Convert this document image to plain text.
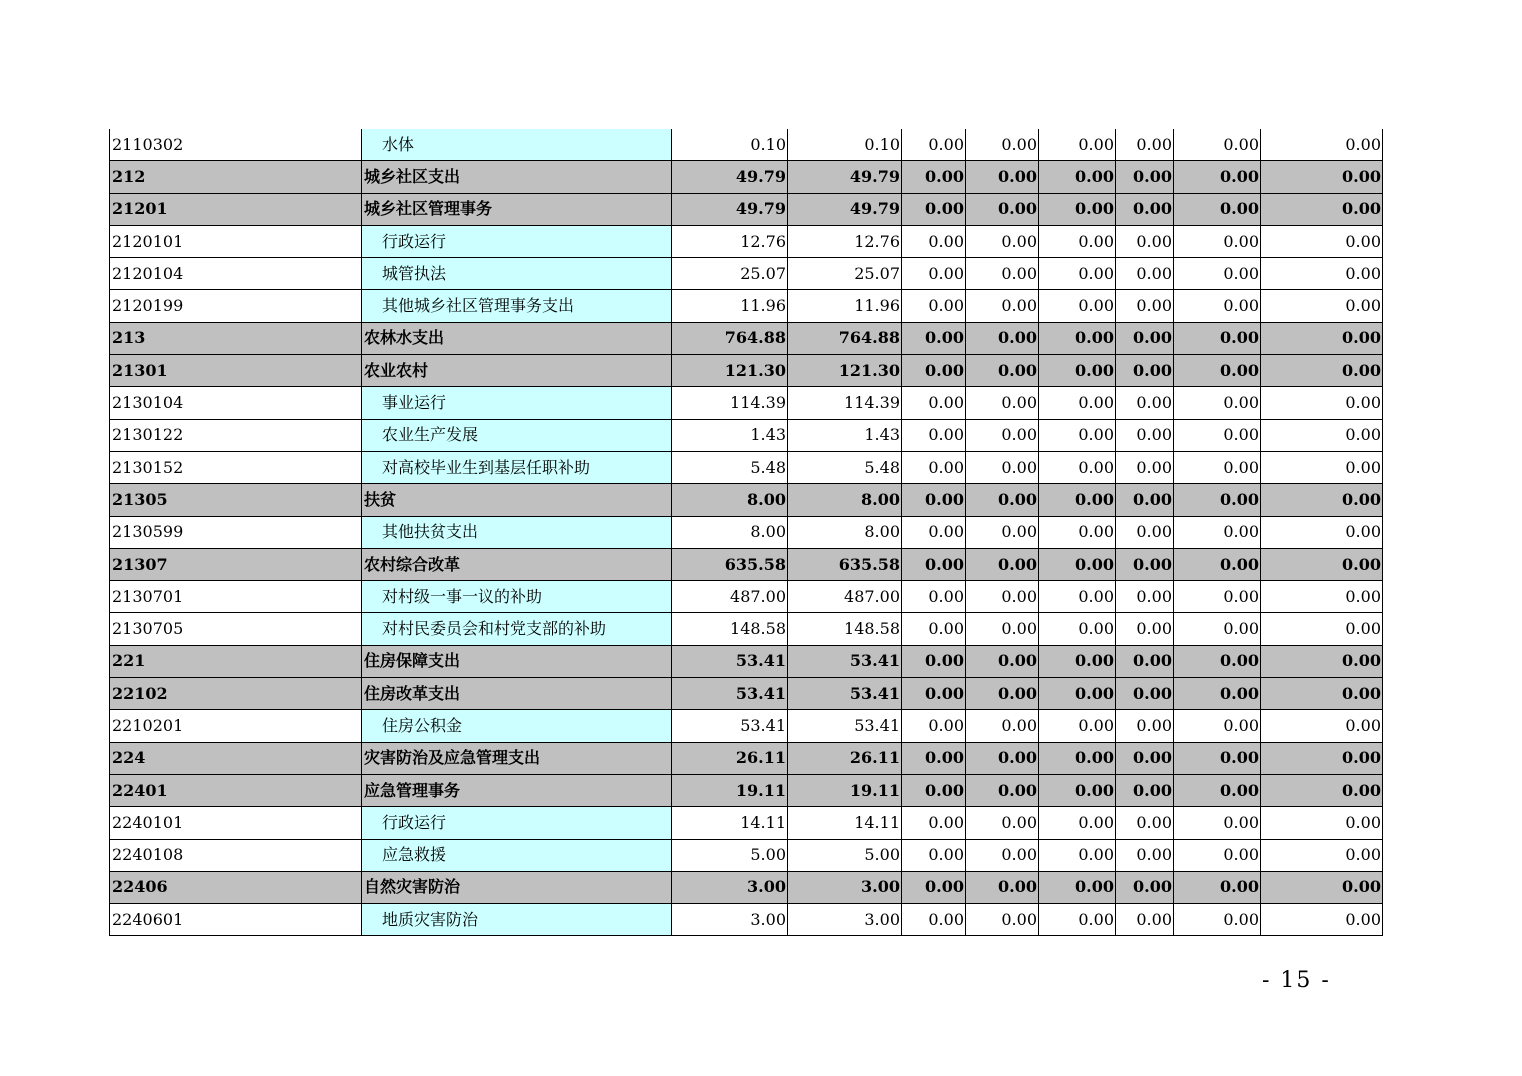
2110302	水体	0.10	0.10	0.00	0.00	0.00	0.00	0.00	0.00
212	城乡社区支出	49.79	49.79	0.00	0.00	0.00	0.00	0.00	0.00
21201	城乡社区管理事务	49.79	49.79	0.00	0.00	0.00	0.00	0.00	0.00
2120101	行政运行	12.76	12.76	0.00	0.00	0.00	0.00	0.00	0.00
2120104	城管执法	25.07	25.07	0.00	0.00	0.00	0.00	0.00	0.00
2120199	其他城乡社区管理事务支出	11.96	11.96	0.00	0.00	0.00	0.00	0.00	0.00
213	农林水支出	764.88	764.88	0.00	0.00	0.00	0.00	0.00	0.00
21301	农业农村	121.30	121.30	0.00	0.00	0.00	0.00	0.00	0.00
2130104	事业运行	114.39	114.39	0.00	0.00	0.00	0.00	0.00	0.00
2130122	农业生产发展	1.43	1.43	0.00	0.00	0.00	0.00	0.00	0.00
2130152	对高校毕业生到基层任职补助	5.48	5.48	0.00	0.00	0.00	0.00	0.00	0.00
21305	扶贫	8.00	8.00	0.00	0.00	0.00	0.00	0.00	0.00
2130599	其他扶贫支出	8.00	8.00	0.00	0.00	0.00	0.00	0.00	0.00
21307	农村综合改革	635.58	635.58	0.00	0.00	0.00	0.00	0.00	0.00
2130701	对村级一事一议的补助	487.00	487.00	0.00	0.00	0.00	0.00	0.00	0.00
2130705	对村民委员会和村党支部的补助	148.58	148.58	0.00	0.00	0.00	0.00	0.00	0.00
221	住房保障支出	53.41	53.41	0.00	0.00	0.00	0.00	0.00	0.00
22102	住房改革支出	53.41	53.41	0.00	0.00	0.00	0.00	0.00	0.00
2210201	住房公积金	53.41	53.41	0.00	0.00	0.00	0.00	0.00	0.00
224	灾害防治及应急管理支出	26.11	26.11	0.00	0.00	0.00	0.00	0.00	0.00
22401	应急管理事务	19.11	19.11	0.00	0.00	0.00	0.00	0.00	0.00
2240101	行政运行	14.11	14.11	0.00	0.00	0.00	0.00	0.00	0.00
2240108	应急救援	5.00	5.00	0.00	0.00	0.00	0.00	0.00	0.00
22406	自然灾害防治	3.00	3.00	0.00	0.00	0.00	0.00	0.00	0.00
2240601	地质灾害防治	3.00	3.00	0.00	0.00	0.00	0.00	0.00	0.00
- 15 -
